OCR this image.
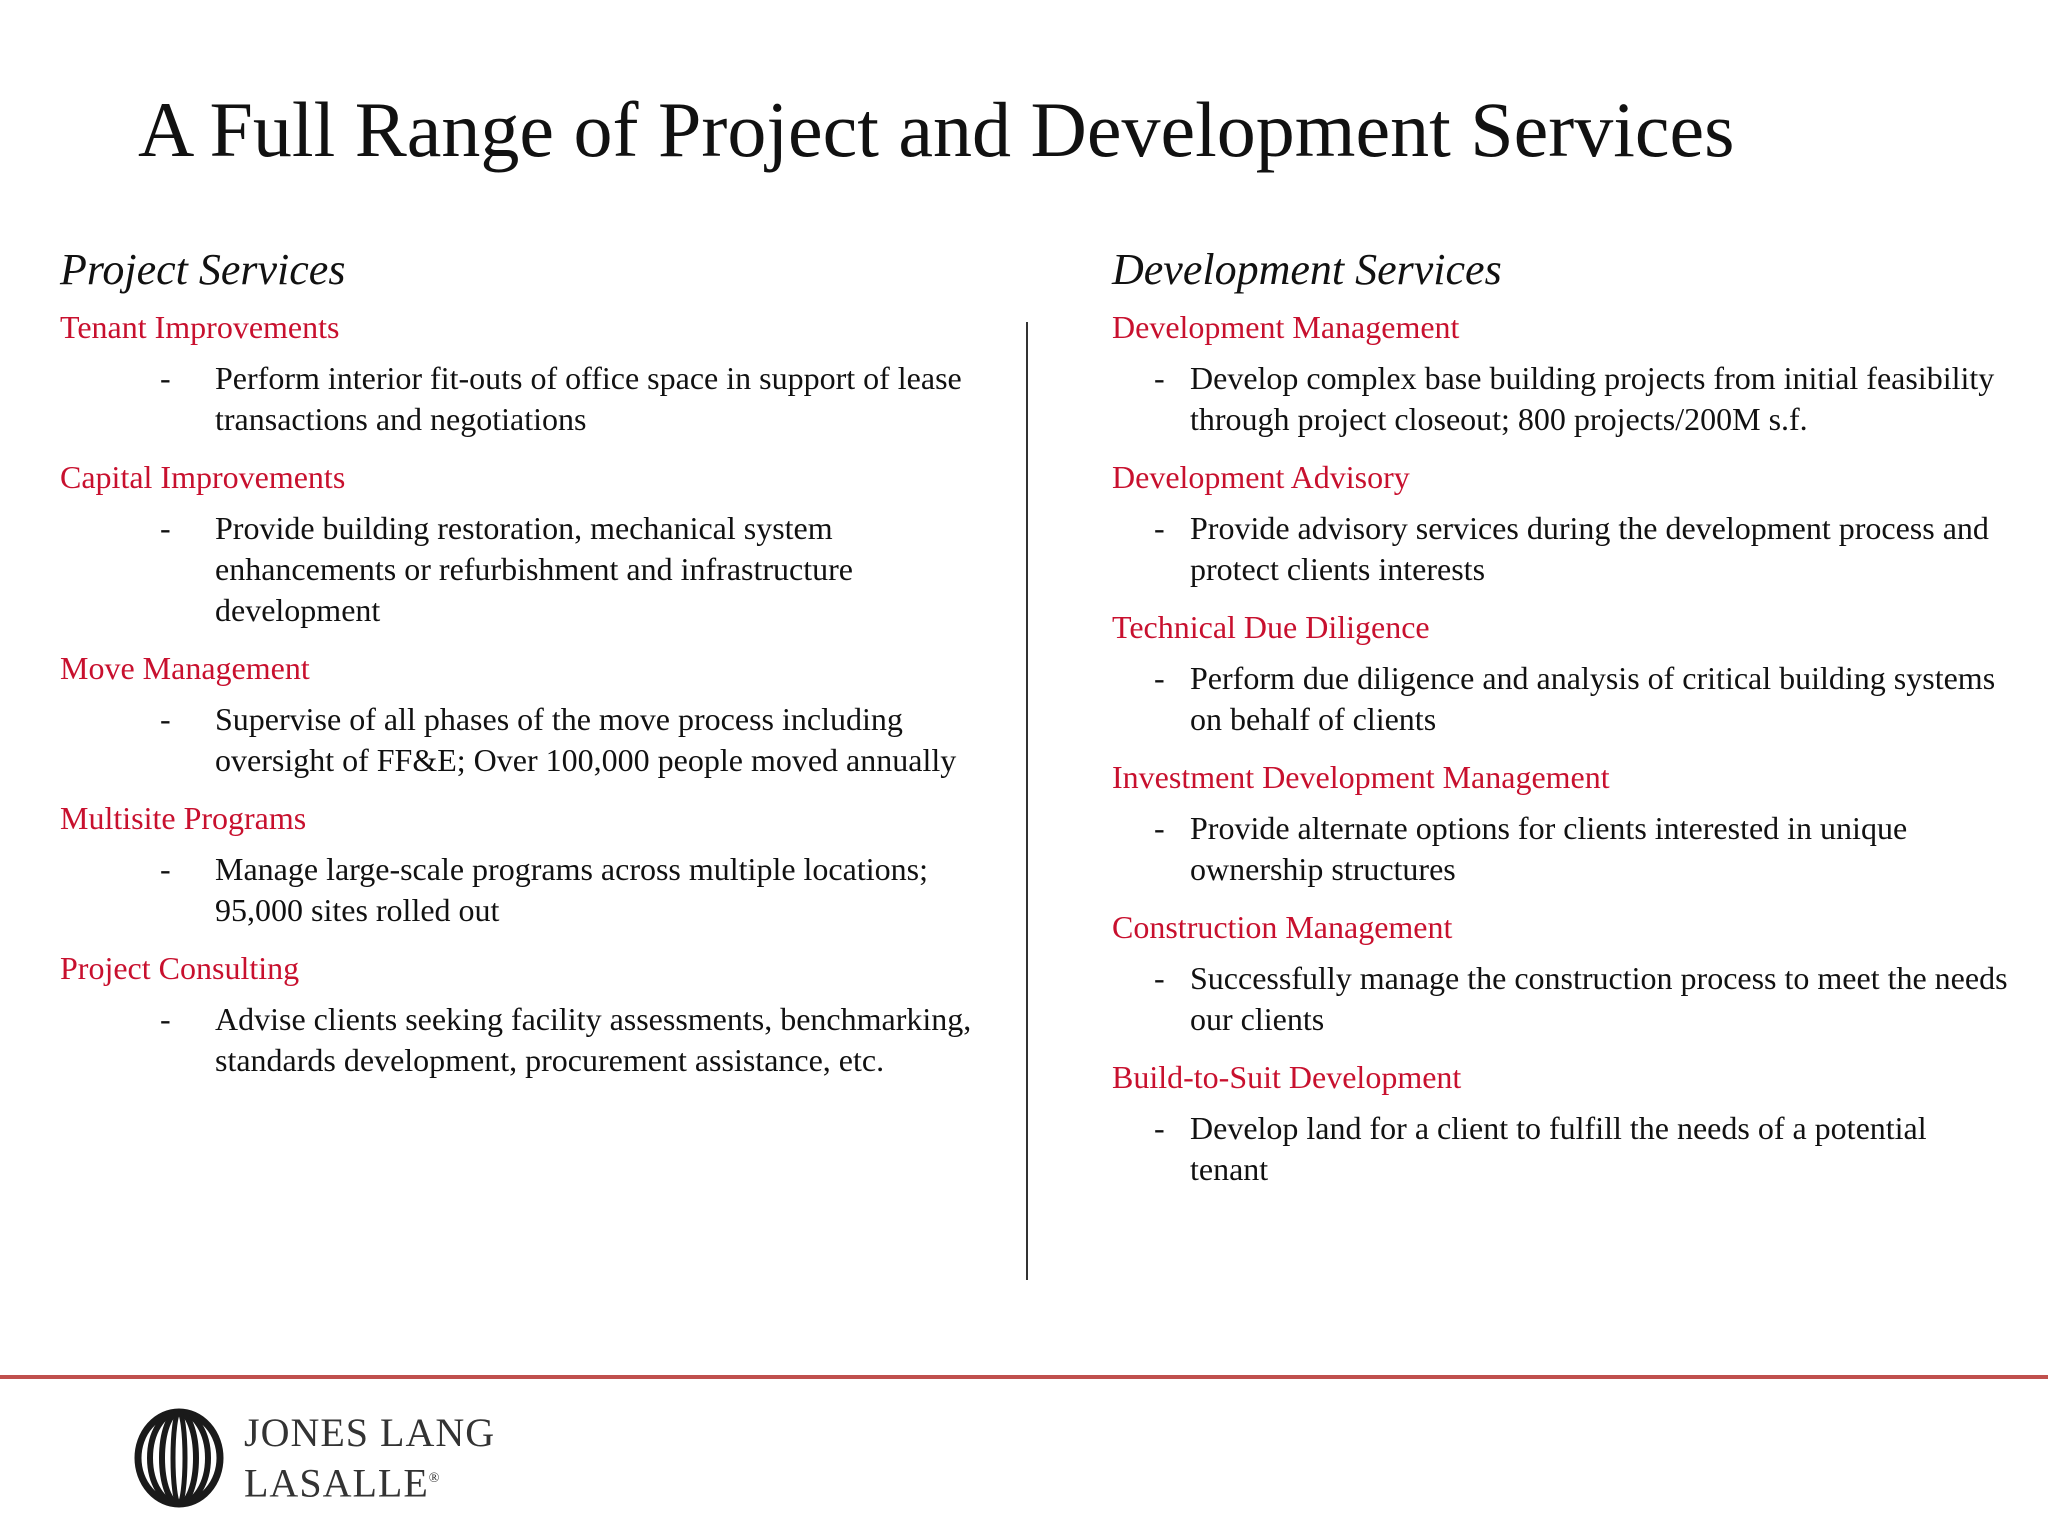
A Full Range of Project and Development Services
Project Services
Tenant Improvements
- Perform interior fit-outs of office space in support of lease transactions and negotiations
Capital Improvements
- Provide building restoration, mechanical system enhancements or refurbishment and infrastructure development
Move Management
- Supervise of all phases of the move process including oversight of FF&E; Over 100,000 people moved annually
Multisite Programs
- Manage large-scale programs across multiple locations; 95,000 sites rolled out
Project Consulting
- Advise clients seeking facility assessments, benchmarking, standards development, procurement assistance, etc.
Development Services
Development Management
- Develop complex base building projects from initial feasibility through project closeout; 800 projects/200M s.f.
Development Advisory
- Provide advisory services during the development process and protect clients interests
Technical Due Diligence
- Perform due diligence and analysis of critical building systems on behalf of clients
Investment Development Management
- Provide alternate options for clients interested in unique ownership structures
Construction Management
- Successfully manage the construction process to meet the needs our clients
Build-to-Suit Development
- Develop land for a client to fulfill the needs of a potential tenant
JONES LANG
LASALLE®
